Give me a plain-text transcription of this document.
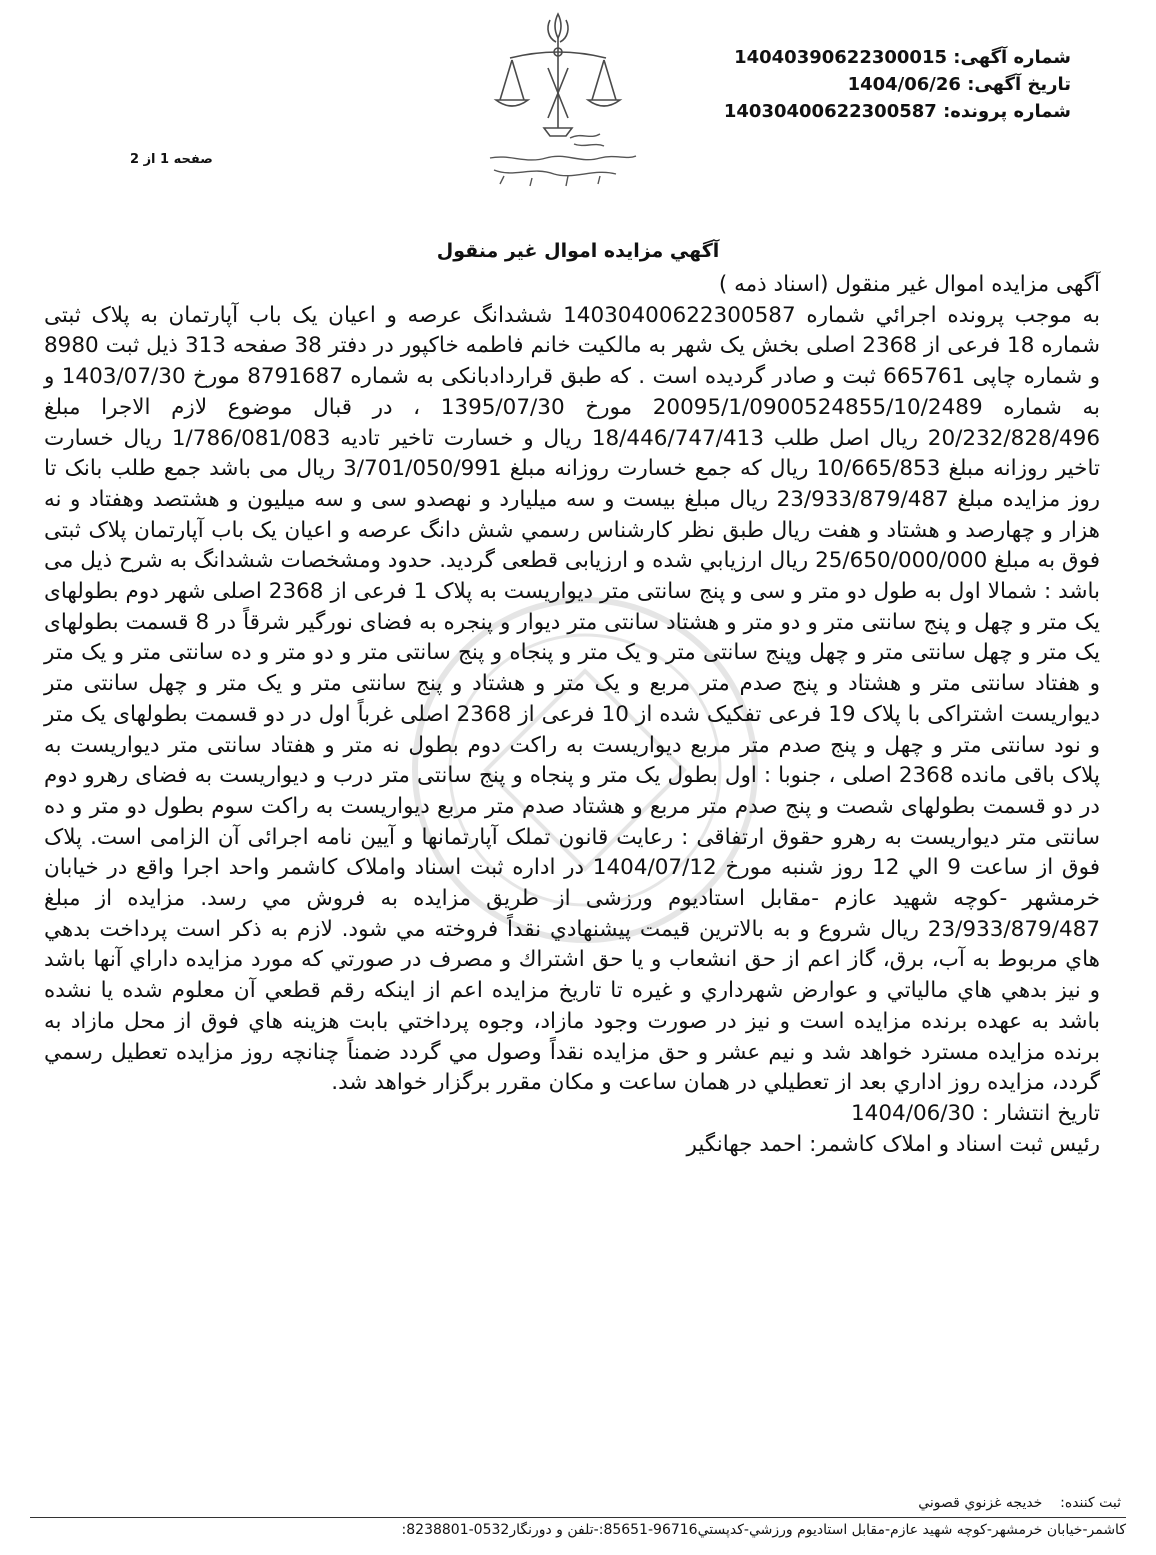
شماره آگهی: 14040390622300015
تاریخ آگهی: 1404/06/26
شماره پرونده: 14030400622300587
صفحه 1 از 2
آگهي مزايده اموال غير منقول

آگهی مزایده اموال غیر منقول (اسناد ذمه )

به موجب پرونده اجرائي شماره 14030400622300587 ششدانگ عرصه و اعيان يک باب آپارتمان به پلاک ثبتی شماره 18 فرعی از 2368 اصلی بخش یک شهر به مالکیت خانم فاطمه خاکپور در دفتر 38 صفحه 313 ذیل ثبت 8980 و شماره چاپی 665761 ثبت و صادر گردیده است . که طبق قراردادبانکی به شماره 8791687 مورخ 1403/07/30 و به شماره 20095/1/0900524855/10/2489 مورخ 1395/07/30 ، در قبال موضوع لازم الاجرا مبلغ 20/232/828/496 ريال اصل طلب 18/446/747/413 ريال و خسارت تاخير تاديه 1/786/081/083 ريال خسارت تاخير روزانه مبلغ 10/665/853 ريال که جمع خسارت روزانه مبلغ 3/701/050/991 ريال می باشد جمع طلب بانک تا روز مزايده مبلغ 23/933/879/487 ريال مبلغ بيست و سه ميليارد و نهصدو سی و سه ميليون و هشتصد وهفتاد و نه هزار و چهارصد و هشتاد و هفت ريال طبق نظر كارشناس رسمي شش دانگ عرصه و اعيان يک باب آپارتمان پلاک ثبتی فوق به مبلغ 25/650/000/000 ريال ارزيابي شده و ارزيابی قطعی گرديد. حدود ومشخصات ششدانگ به شرح ذيل می باشد : شمالا اول به طول دو متر و سی و پنج سانتی متر ديواريست به پلاک 1 فرعی از 2368 اصلی شهر دوم بطولهای يک متر و چهل و پنج سانتی متر و دو متر و هشتاد سانتی متر ديوار و پنجره به فضای نورگير شرقاً در 8 قسمت بطولهای يک متر و چهل سانتی متر و چهل وپنج سانتی متر و يک متر و پنجاه و پنج سانتی متر و دو متر و ده سانتی متر و يک متر و هفتاد سانتی متر و هشتاد و پنج صدم متر مربع و يک متر و هشتاد و پنج سانتی متر و يک متر و چهل سانتی متر ديواريست اشتراکی با پلاک 19 فرعی تفکيک شده از 10 فرعی از 2368 اصلی غرباً اول در دو قسمت بطولهای يک متر و نود سانتی متر و چهل و پنج صدم متر مربع ديواريست به راکت دوم بطول نه متر و هفتاد سانتی متر ديواريست به پلاک باقی مانده 2368 اصلی ، جنوبا : اول بطول يک متر و پنجاه و پنج سانتی متر درب و ديواريست به فضای رهرو دوم در دو قسمت بطولهای شصت و پنج صدم متر مربع و هشتاد صدم متر مربع ديواريست به راکت سوم بطول دو متر و ده سانتی متر ديواريست به رهرو حقوق ارتفاقی : رعايت قانون تملک آپارتمانها و آيين نامه اجرائی آن الزامی است. پلاک فوق از ساعت 9 الي 12 روز شنبه مورخ 1404/07/12 در اداره ثبت اسناد واملاک کاشمر واحد اجرا واقع در خيابان خرمشهر -کوچه شهيد عازم -مقابل استاديوم ورزشی از طريق مزايده به فروش مي رسد. مزايده از مبلغ 23/933/879/487 ريال شروع و به بالاترين قيمت پيشنهادي نقداً فروخته مي شود. لازم به ذكر است پرداخت بدهي هاي مربوط به آب، برق، گاز اعم از حق انشعاب و يا حق اشتراك و مصرف در صورتي كه مورد مزايده داراي آنها باشد و نيز بدهي هاي مالياتي و عوارض شهرداري و غيره تا تاريخ مزايده اعم از اينكه رقم قطعي آن معلوم شده يا نشده باشد به عهده برنده مزايده است و نيز در صورت وجود مازاد، وجوه پرداختي بابت هزينه هاي فوق از محل مازاد به برنده مزايده مسترد خواهد شد و نيم عشر و حق مزايده نقداً وصول مي گردد ضمناً چنانچه روز مزايده تعطيل رسمي گردد، مزايده روز اداري بعد از تعطيلي در همان ساعت و مكان مقرر برگزار خواهد شد.

تاریخ انتشار : 1404/06/30

رئیس ثبت اسناد و املاک کاشمر: احمد جهانگیر

ثبت کننده:    خديجه غزنوي قصوني
کاشمر-خيابان خرمشهر-کوچه شهيد عازم-مقابل استاديوم ورزشي-کدپستي96716-85651:-تلفن و دورنگار0532-8238801:
